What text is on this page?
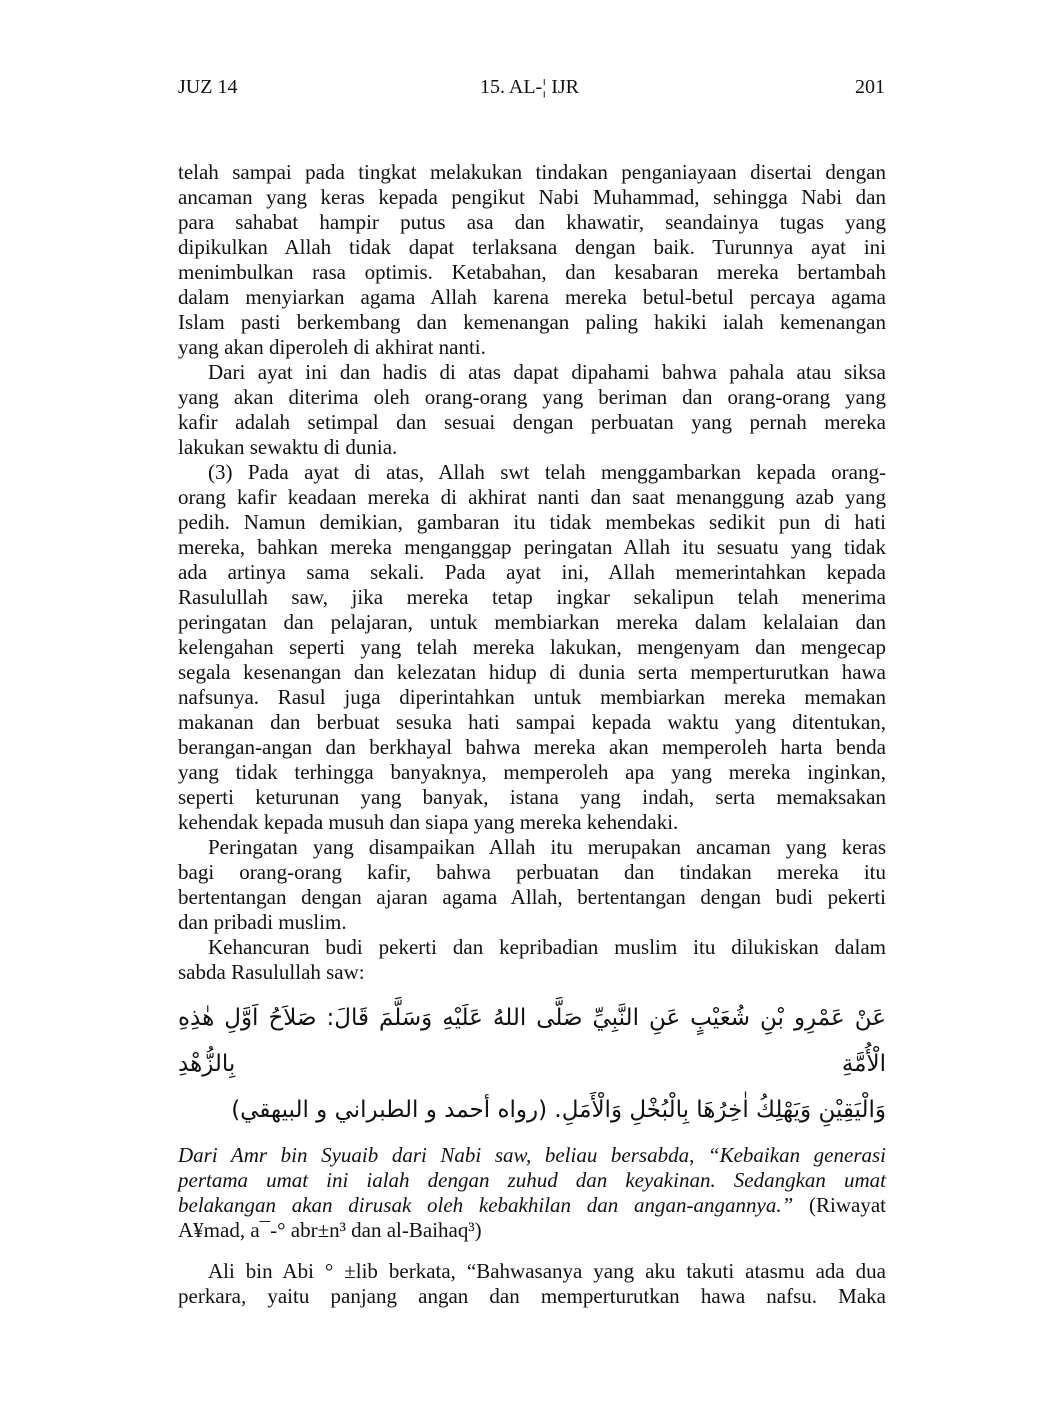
JUZ 14	15. AL-¦ IJR	201
telah sampai pada tingkat melakukan tindakan penganiayaan disertai dengan
ancaman yang keras kepada pengikut Nabi Muhammad, sehingga Nabi dan
para sahabat hampir putus asa dan khawatir, seandainya tugas yang
dipikulkan Allah tidak dapat terlaksana dengan baik. Turunnya ayat ini
menimbulkan rasa optimis. Ketabahan, dan kesabaran mereka bertambah
dalam menyiarkan agama Allah karena mereka betul-betul percaya agama
Islam pasti berkembang dan kemenangan paling hakiki ialah kemenangan
yang akan diperoleh di akhirat nanti.
Dari ayat ini dan hadis di atas dapat dipahami bahwa pahala atau siksa
yang akan diterima oleh orang-orang yang beriman dan orang-orang yang
kafir adalah setimpal dan sesuai dengan perbuatan yang pernah mereka
lakukan sewaktu di dunia.
(3) Pada ayat di atas, Allah swt telah menggambarkan kepada orang-
orang kafir keadaan mereka di akhirat nanti dan saat menanggung azab yang
pedih. Namun demikian, gambaran itu tidak membekas sedikit pun di hati
mereka, bahkan mereka menganggap peringatan Allah itu sesuatu yang tidak
ada artinya sama sekali. Pada ayat ini, Allah memerintahkan kepada
Rasulullah saw, jika mereka tetap ingkar sekalipun telah menerima
peringatan dan pelajaran, untuk membiarkan mereka dalam kelalaian dan
kelengahan seperti yang telah mereka lakukan, mengenyam dan mengecap
segala kesenangan dan kelezatan hidup di dunia serta memperturutkan hawa
nafsunya. Rasul juga diperintahkan untuk membiarkan mereka memakan
makanan dan berbuat sesuka hati sampai kepada waktu yang ditentukan,
berangan-angan dan berkhayal bahwa mereka akan memperoleh harta benda
yang tidak terhingga banyaknya, memperoleh apa yang mereka inginkan,
seperti keturunan yang banyak, istana yang indah, serta memaksakan
kehendak kepada musuh dan siapa yang mereka kehendaki.
Peringatan yang disampaikan Allah itu merupakan ancaman yang keras
bagi orang-orang kafir, bahwa perbuatan dan tindakan mereka itu
bertentangan dengan ajaran agama Allah, bertentangan dengan budi pekerti
dan pribadi muslim.
Kehancuran budi pekerti dan kepribadian muslim itu dilukiskan dalam
sabda Rasulullah saw:
عَنْ عَمْرِو بْنِ شُعَيْبٍ عَنِ النَّبِيِّ صَلَّى اللهُ عَلَيْهِ وَسَلَّمَ قَالَ: صَلاَحُ اَوَّلِ هٰذِهِ الْأُمَّةِ بِالزُّهْدِ
وَالْيَقِيْنِ وَيَهْلِكُ اٰخِرُهَا بِالْبُخْلِ وَالْأَمَلِ. (رواه أحمد و الطبراني و البيهقي)
Dari Amr bin Syuaib dari Nabi saw, beliau bersabda, “Kebaikan generasi
pertama umat ini ialah dengan zuhud dan keyakinan. Sedangkan umat
belakangan akan dirusak oleh kebakhilan dan angan-angannya.” (Riwayat
A¥mad, a¯-° abr±n³ dan al-Baihaq³)
Ali bin Abi ° ±lib berkata, “Bahwasanya yang aku takuti atasmu ada dua
perkara, yaitu panjang angan dan memperturutkan hawa nafsu. Maka
